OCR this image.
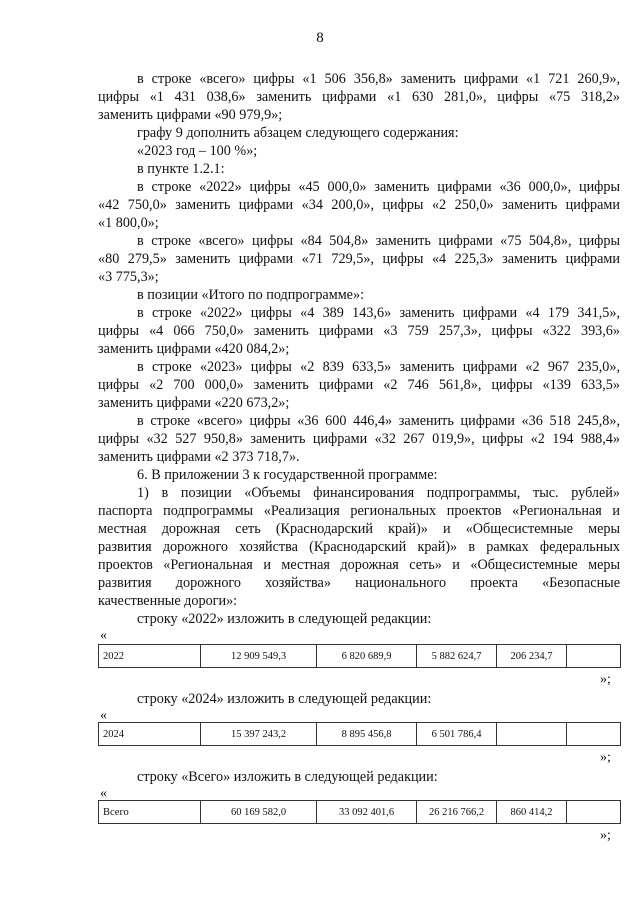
8
в строке «всего» цифры «1 506 356,8» заменить цифрами «1 721 260,9»,
цифры «1 431 038,6» заменить цифрами «1 630 281,0», цифры «75 318,2»
заменить цифрами «90 979,9»;
графу 9 дополнить абзацем следующего содержания:
«2023 год – 100 %»;
в пункте 1.2.1:
в строке «2022» цифры «45 000,0» заменить цифрами «36 000,0», цифры
«42 750,0» заменить цифрами «34 200,0», цифры «2 250,0» заменить цифрами
«1 800,0»;
в строке «всего» цифры «84 504,8» заменить цифрами «75 504,8», цифры
«80 279,5» заменить цифрами «71 729,5», цифры «4 225,3» заменить цифрами
«3 775,3»;
в позиции «Итого по подпрограмме»:
в строке «2022» цифры «4 389 143,6» заменить цифрами «4 179 341,5»,
цифры «4 066 750,0» заменить цифрами «3 759 257,3», цифры «322 393,6»
заменить цифрами «420 084,2»;
в строке «2023» цифры «2 839 633,5» заменить цифрами «2 967 235,0»,
цифры «2 700 000,0» заменить цифрами «2 746 561,8», цифры «139 633,5»
заменить цифрами «220 673,2»;
в строке «всего» цифры «36 600 446,4» заменить цифрами «36 518 245,8»,
цифры «32 527 950,8» заменить цифрами «32 267 019,9», цифры «2 194 988,4»
заменить цифрами «2 373 718,7».
6. В приложении 3 к государственной программе:
1) в позиции «Объемы финансирования подпрограммы, тыс. рублей»
паспорта подпрограммы «Реализация региональных проектов «Региональная и
местная дорожная сеть (Краснодарский край)» и «Общесистемные меры
развития дорожного хозяйства (Краснодарский край)» в рамках федеральных
проектов «Региональная и местная дорожная сеть» и «Общесистемные меры
развития дорожного хозяйства» национального проекта «Безопасные
качественные дороги»:
строку «2022» изложить в следующей редакции:
«
2022	12 909 549,3	6 820 689,9	5 882 624,7	206 234,7	
»;
строку «2024» изложить в следующей редакции:
«
2024	15 397 243,2	8 895 456,8	6 501 786,4		
»;
строку «Всего» изложить в следующей редакции:
«
Всего	60 169 582,0	33 092 401,6	26 216 766,2	860 414,2	
»;
